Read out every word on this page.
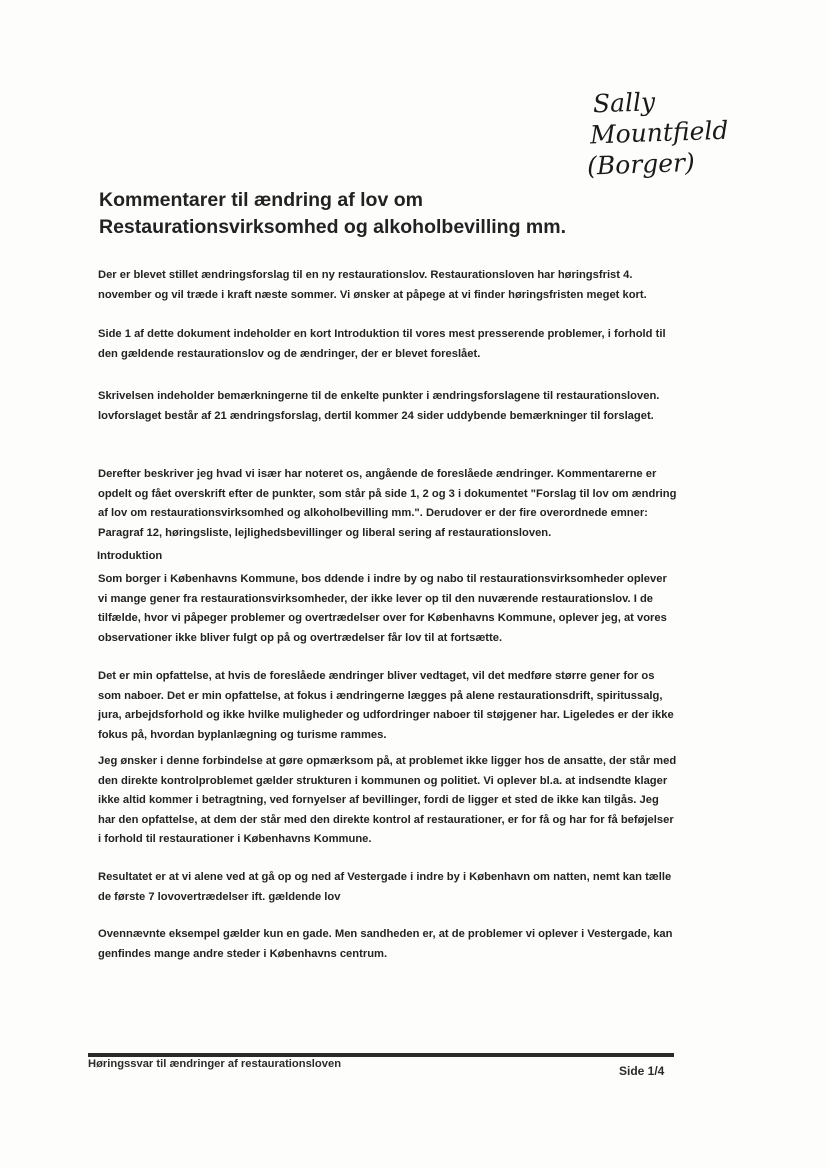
Sally
Mountfield
(Borger)
Kommentarer til ændring af lov om Restaurationsvirksomhed og alkoholbevilling mm.

Der er blevet stillet ændringsforslag til en ny restaurationslov. Restaurationsloven har høringsfrist 4. november og vil træde i kraft næste sommer. Vi ønsker at påpege at vi finder høringsfristen meget kort.

Side 1 af dette dokument indeholder en kort Introduktion til vores mest presserende problemer, i forhold til den gældende restaurationslov og de ændringer, der er blevet foreslået.

Skrivelsen indeholder bemærkningerne til de enkelte punkter i ændringsforslagene til restaurationsloven. lovforslaget består af 21 ændringsforslag, dertil kommer 24 sider uddybende bemærkninger til forslaget.

Derefter beskriver jeg hvad vi især har noteret os, angående de foreslåede ændringer. Kommentarerne er opdelt og fået overskrift efter de punkter, som står på side 1, 2 og 3 i dokumentet "Forslag til lov om ændring af lov om restaurationsvirksomhed og alkoholbevilling mm.". Derudover er der fire overordnede emner: Paragraf 12, høringsliste, lejlighedsbevillinger og liberal sering af restaurationsloven.

Introduktion

Som borger i Københavns Kommune, bos ddende i indre by og nabo til restaurationsvirksomheder oplever vi mange gener fra restaurationsvirksomheder, der ikke lever op til den nuværende restaurationslov. I de tilfælde, hvor vi påpeger problemer og overtrædelser over for Københavns Kommune, oplever jeg, at vores observationer ikke bliver fulgt op på og overtrædelser får lov til at fortsætte.

Det er min opfattelse, at hvis de foreslåede ændringer bliver vedtaget, vil det medføre større gener for os som naboer. Det er min opfattelse, at fokus i ændringerne lægges på alene restaurationsdrift, spiritussalg, jura, arbejdsforhold og ikke hvilke muligheder og udfordringer naboer til støjgener har. Ligeledes er der ikke fokus på, hvordan byplanlægning og turisme rammes.

Jeg ønsker i denne forbindelse at gøre opmærksom på, at problemet ikke ligger hos de ansatte, der står med den direkte kontrolproblemet gælder strukturen i kommunen og politiet. Vi oplever bl.a. at indsendte klager ikke altid kommer i betragtning, ved fornyelser af bevillinger, fordi de ligger et sted de ikke kan tilgås. Jeg har den opfattelse, at dem der står med den direkte kontrol af restaurationer, er for få og har for få beføjelser i forhold til restaurationer i Københavns Kommune.

Resultatet er at vi alene ved at gå op og ned af Vestergade i indre by i København om natten, nemt kan tælle de første 7 lovovertrædelser ift. gældende lov

Ovennævnte eksempel gælder kun en gade. Men sandheden er, at de problemer vi oplever i Vestergade, kan genfindes mange andre steder i Københavns centrum.

Høringssvar til ændringer af restaurationsloven	Side 1/4
